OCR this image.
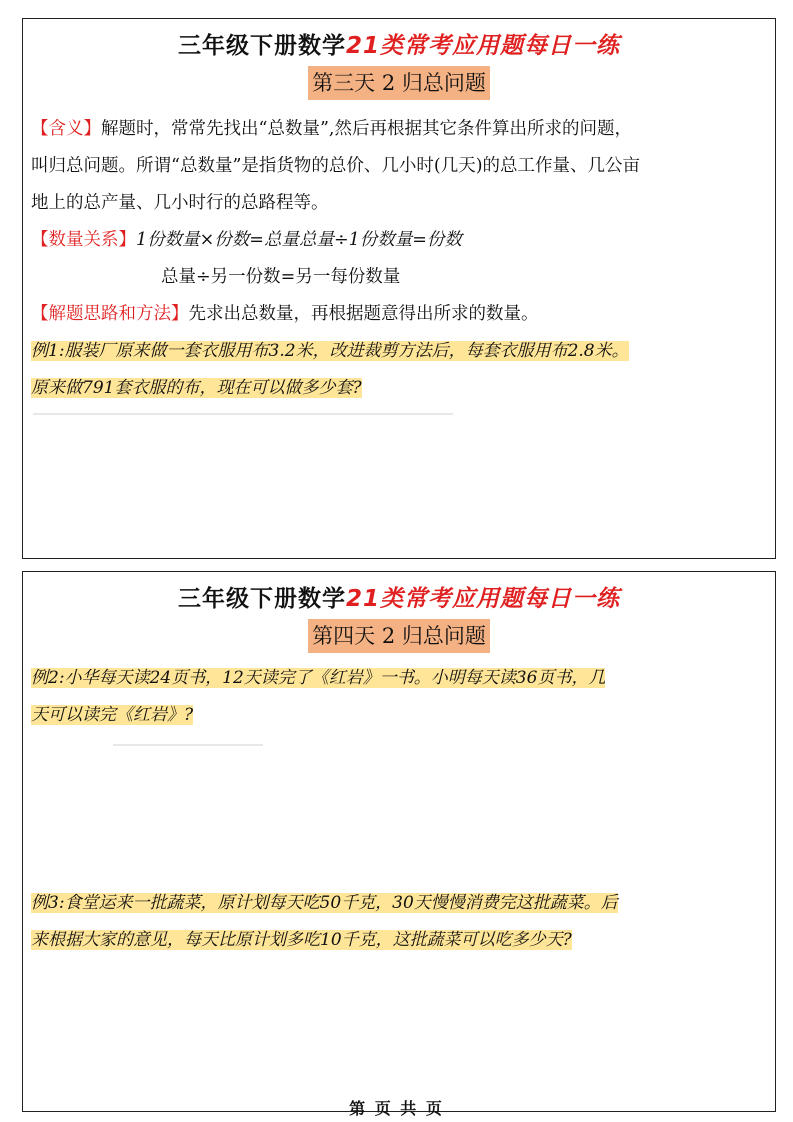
三年级下册数学21类常考应用题每日一练
第三天 2 归总问题
【含义】解题时，常常先找出“总数量”,然后再根据其它条件算出所求的问题，
叫归总问题。所谓“总数量”是指货物的总价、几小时(几天)的总工作量、几公亩
地上的总产量、几小时行的总路程等。
【数量关系】1份数量×份数=总量总量÷1份数量=份数
总量÷另一份数=另一每份数量
【解题思路和方法】先求出总数量，再根据题意得出所求的数量。
例1:服装厂原来做一套衣服用布3.2米，改进裁剪方法后，每套衣服用布2.8米。
原来做791套衣服的布，现在可以做多少套?
三年级下册数学21类常考应用题每日一练
第四天 2 归总问题
例2:小华每天读24页书，12天读完了《红岩》一书。小明每天读36页书，几
天可以读完《红岩》?
例3:食堂运来一批蔬菜，原计划每天吃50千克，30天慢慢消费完这批蔬菜。后
来根据大家的意见，每天比原计划多吃10千克，这批蔬菜可以吃多少天?
第 页 共 页
